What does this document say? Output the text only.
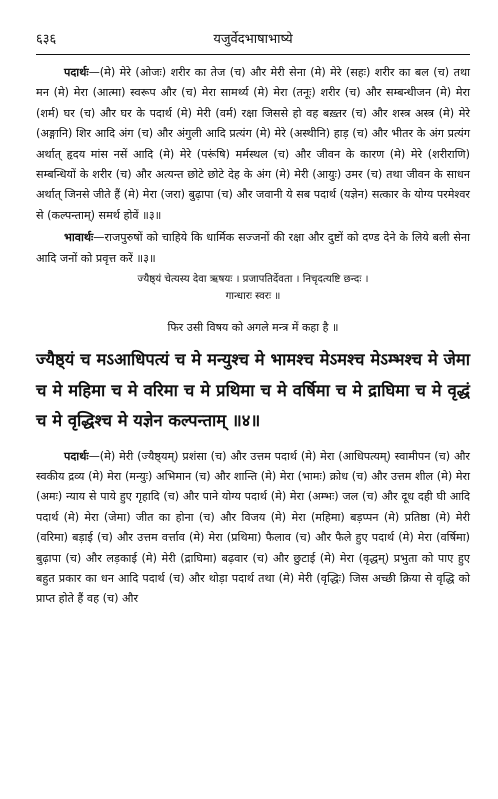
६३६	यजुर्वेदभाषाभाष्ये

पदार्थः—(मे) मेरे (ओजः) शरीर का तेज (च) और मेरी सेना (मे) मेरे (सहः) शरीर का बल (च) तथा मन (मे) मेरा (आत्मा) स्वरूप और (च) मेरा सामर्थ्य (मे) मेरा (तनूः) शरीर (च) और सम्बन्धीजन (मे) मेरा (शर्म) घर (च) और घर के पदार्थ (मे) मेरी (वर्म) रक्षा जिससे हो वह बख़्तर (च) और शस्त्र अस्त्र (मे) मेरे (अङ्गानि) शिर आदि अंग (च) और अंगुली आदि प्रत्यंग (मे) मेरे (अस्थीनि) हाड़ (च) और भीतर के अंग प्रत्यंग अर्थात् हृदय मांस नसें आदि (मे) मेरे (परूंषि) मर्मस्थल (च) और जीवन के कारण (मे) मेरे (शरीराणि) सम्बन्धियों के शरीर (च) और अत्यन्त छोटे छोटे देह के अंग (मे) मेरी (आयुः) उमर (च) तथा जीवन के साधन अर्थात् जिनसे जीते हैं (मे) मेरा (जरा) बुढ़ापा (च) और जवानी ये सब पदार्थ (यज्ञेन) सत्कार के योग्य परमेश्वर से (कल्पन्ताम्) समर्थ होवें ॥३॥

भावार्थः—राजपुरुषों को चाहिये कि धार्मिक सज्जनों की रक्षा और दुष्टों को दण्ड देने के लिये बली सेना आदि जनों को प्रवृत्त करें ॥३॥

ज्यैष्ठ्यं चेत्यस्य देवा ऋषयः । प्रजापतिर्देवता । निचृदत्यष्टि छन्दः ।

गान्धारः स्वरः ॥

फिर उसी विषय को अगले मन्त्र में कहा है ॥

ज्यैष्ठ्यं च मऽआधिपत्यं च मे मन्युश्च मे भामश्च मेऽमश्च मेऽम्भश्च मे जेमा च मे महिमा च मे वरिमा च मे प्रथिमा च मे वर्षिमा च मे द्राघिमा च मे वृद्धं च मे वृद्धिश्च मे यज्ञेन कल्पन्ताम् ॥४॥

पदार्थः—(मे) मेरी (ज्यैष्ठ्यम्) प्रशंसा (च) और उत्तम पदार्थ (मे) मेरा (आधिपत्यम्) स्वामीपन (च) और स्वकीय द्रव्य (मे) मेरा (मन्युः) अभिमान (च) और शान्ति (मे) मेरा (भामः) क्रोध (च) और उत्तम शील (मे) मेरा (अमः) न्याय से पाये हुए गृहादि (च) और पाने योग्य पदार्थ (मे) मेरा (अम्भः) जल (च) और दूध दही घी आदि पदार्थ (मे) मेरा (जेमा) जीत का होना (च) और विजय (मे) मेरा (महिमा) बड़प्पन (मे) प्रतिष्ठा (मे) मेरी (वरिमा) बड़ाई (च) और उत्तम वर्त्ताव (मे) मेरा (प्रथिमा) फैलाव (च) और फैले हुए पदार्थ (मे) मेरा (वर्षिमा) बुढ़ापा (च) और लड़काई (मे) मेरी (द्राघिमा) बढ़वार (च) और छुटाई (मे) मेरा (वृद्धम्) प्रभुता को पाए हुए बहुत प्रकार का धन आदि पदार्थ (च) और थोड़ा पदार्थ तथा (मे) मेरी (वृद्धिः) जिस अच्छी क्रिया से वृद्धि को प्राप्त होते हैं वह (च) और
